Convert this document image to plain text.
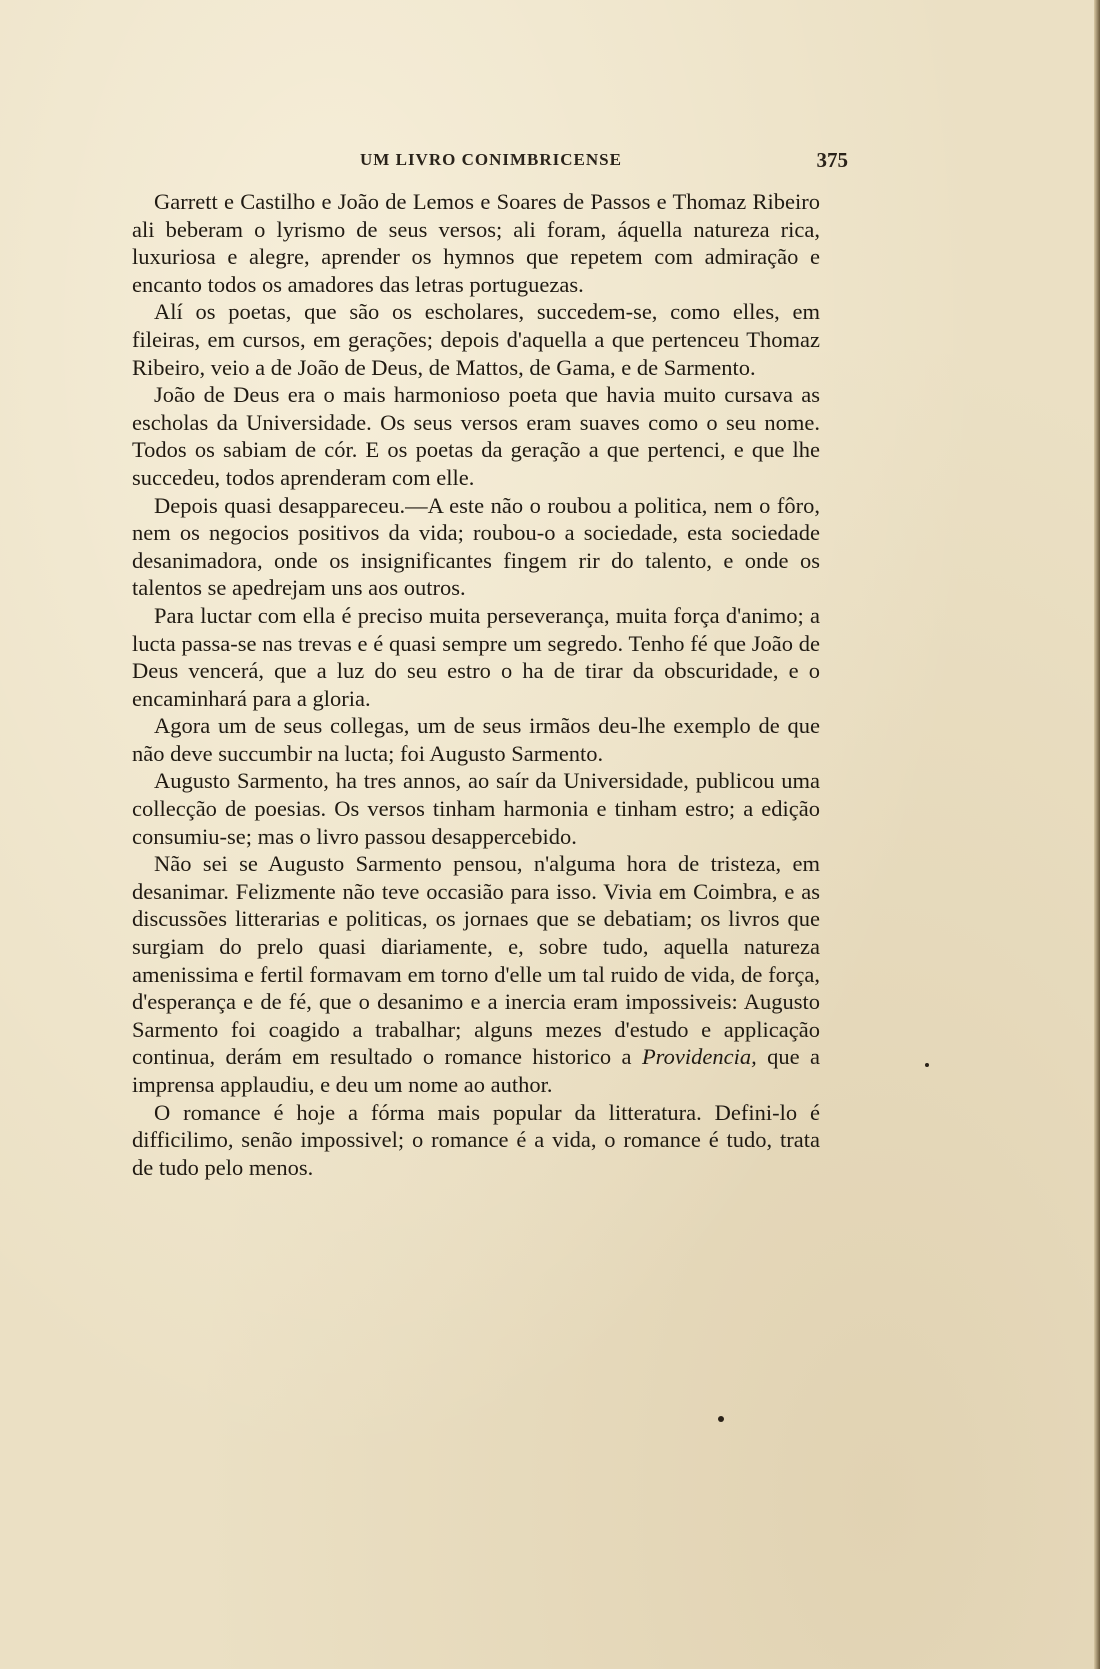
UM LIVRO CONIMBRICENSE	375

Garrett e Castilho e João de Lemos e Soares de Passos e Thomaz Ribeiro ali beberam o lyrismo de seus versos; ali foram, áquella natureza rica, luxuriosa e alegre, aprender os hymnos que repetem com admiração e encanto todos os amadores das letras portuguezas.

Alí os poetas, que são os escholares, succedem-se, como elles, em fileiras, em cursos, em gerações; depois d'aquella a que pertenceu Thomaz Ribeiro, veio a de João de Deus, de Mattos, de Gama, e de Sarmento.

João de Deus era o mais harmonioso poeta que havia muito cursava as escholas da Universidade. Os seus versos eram suaves como o seu nome. Todos os sabiam de cór. E os poetas da geração a que pertenci, e que lhe succedeu, todos aprenderam com elle.

Depois quasi desappareceu.—A este não o roubou a politica, nem o fôro, nem os negocios positivos da vida; roubou-o a sociedade, esta sociedade desanimadora, onde os insignificantes fingem rir do talento, e onde os talentos se apedrejam uns aos outros.

Para luctar com ella é preciso muita perseverança, muita força d'animo; a lucta passa-se nas trevas e é quasi sempre um segredo. Tenho fé que João de Deus vencerá, que a luz do seu estro o ha de tirar da obscuridade, e o encaminhará para a gloria.

Agora um de seus collegas, um de seus irmãos deu-lhe exemplo de que não deve succumbir na lucta; foi Augusto Sarmento.

Augusto Sarmento, ha tres annos, ao saír da Universidade, publicou uma collecção de poesias. Os versos tinham harmonia e tinham estro; a edição consumiu-se; mas o livro passou desappercebido.

Não sei se Augusto Sarmento pensou, n'alguma hora de tristeza, em desanimar. Felizmente não teve occasião para isso. Vivia em Coimbra, e as discussões litterarias e politicas, os jornaes que se debatiam; os livros que surgiam do prelo quasi diariamente, e, sobre tudo, aquella natureza amenissima e fertil formavam em torno d'elle um tal ruido de vida, de força, d'esperança e de fé, que o desanimo e a inercia eram impossiveis: Augusto Sarmento foi coagido a trabalhar; alguns mezes d'estudo e applicação continua, derám em resultado o romance historico a Providencia, que a imprensa applaudiu, e deu um nome ao author.

O romance é hoje a fórma mais popular da litteratura. Defini-lo é difficilimo, senão impossivel; o romance é a vida, o romance é tudo, trata de tudo pelo menos.
